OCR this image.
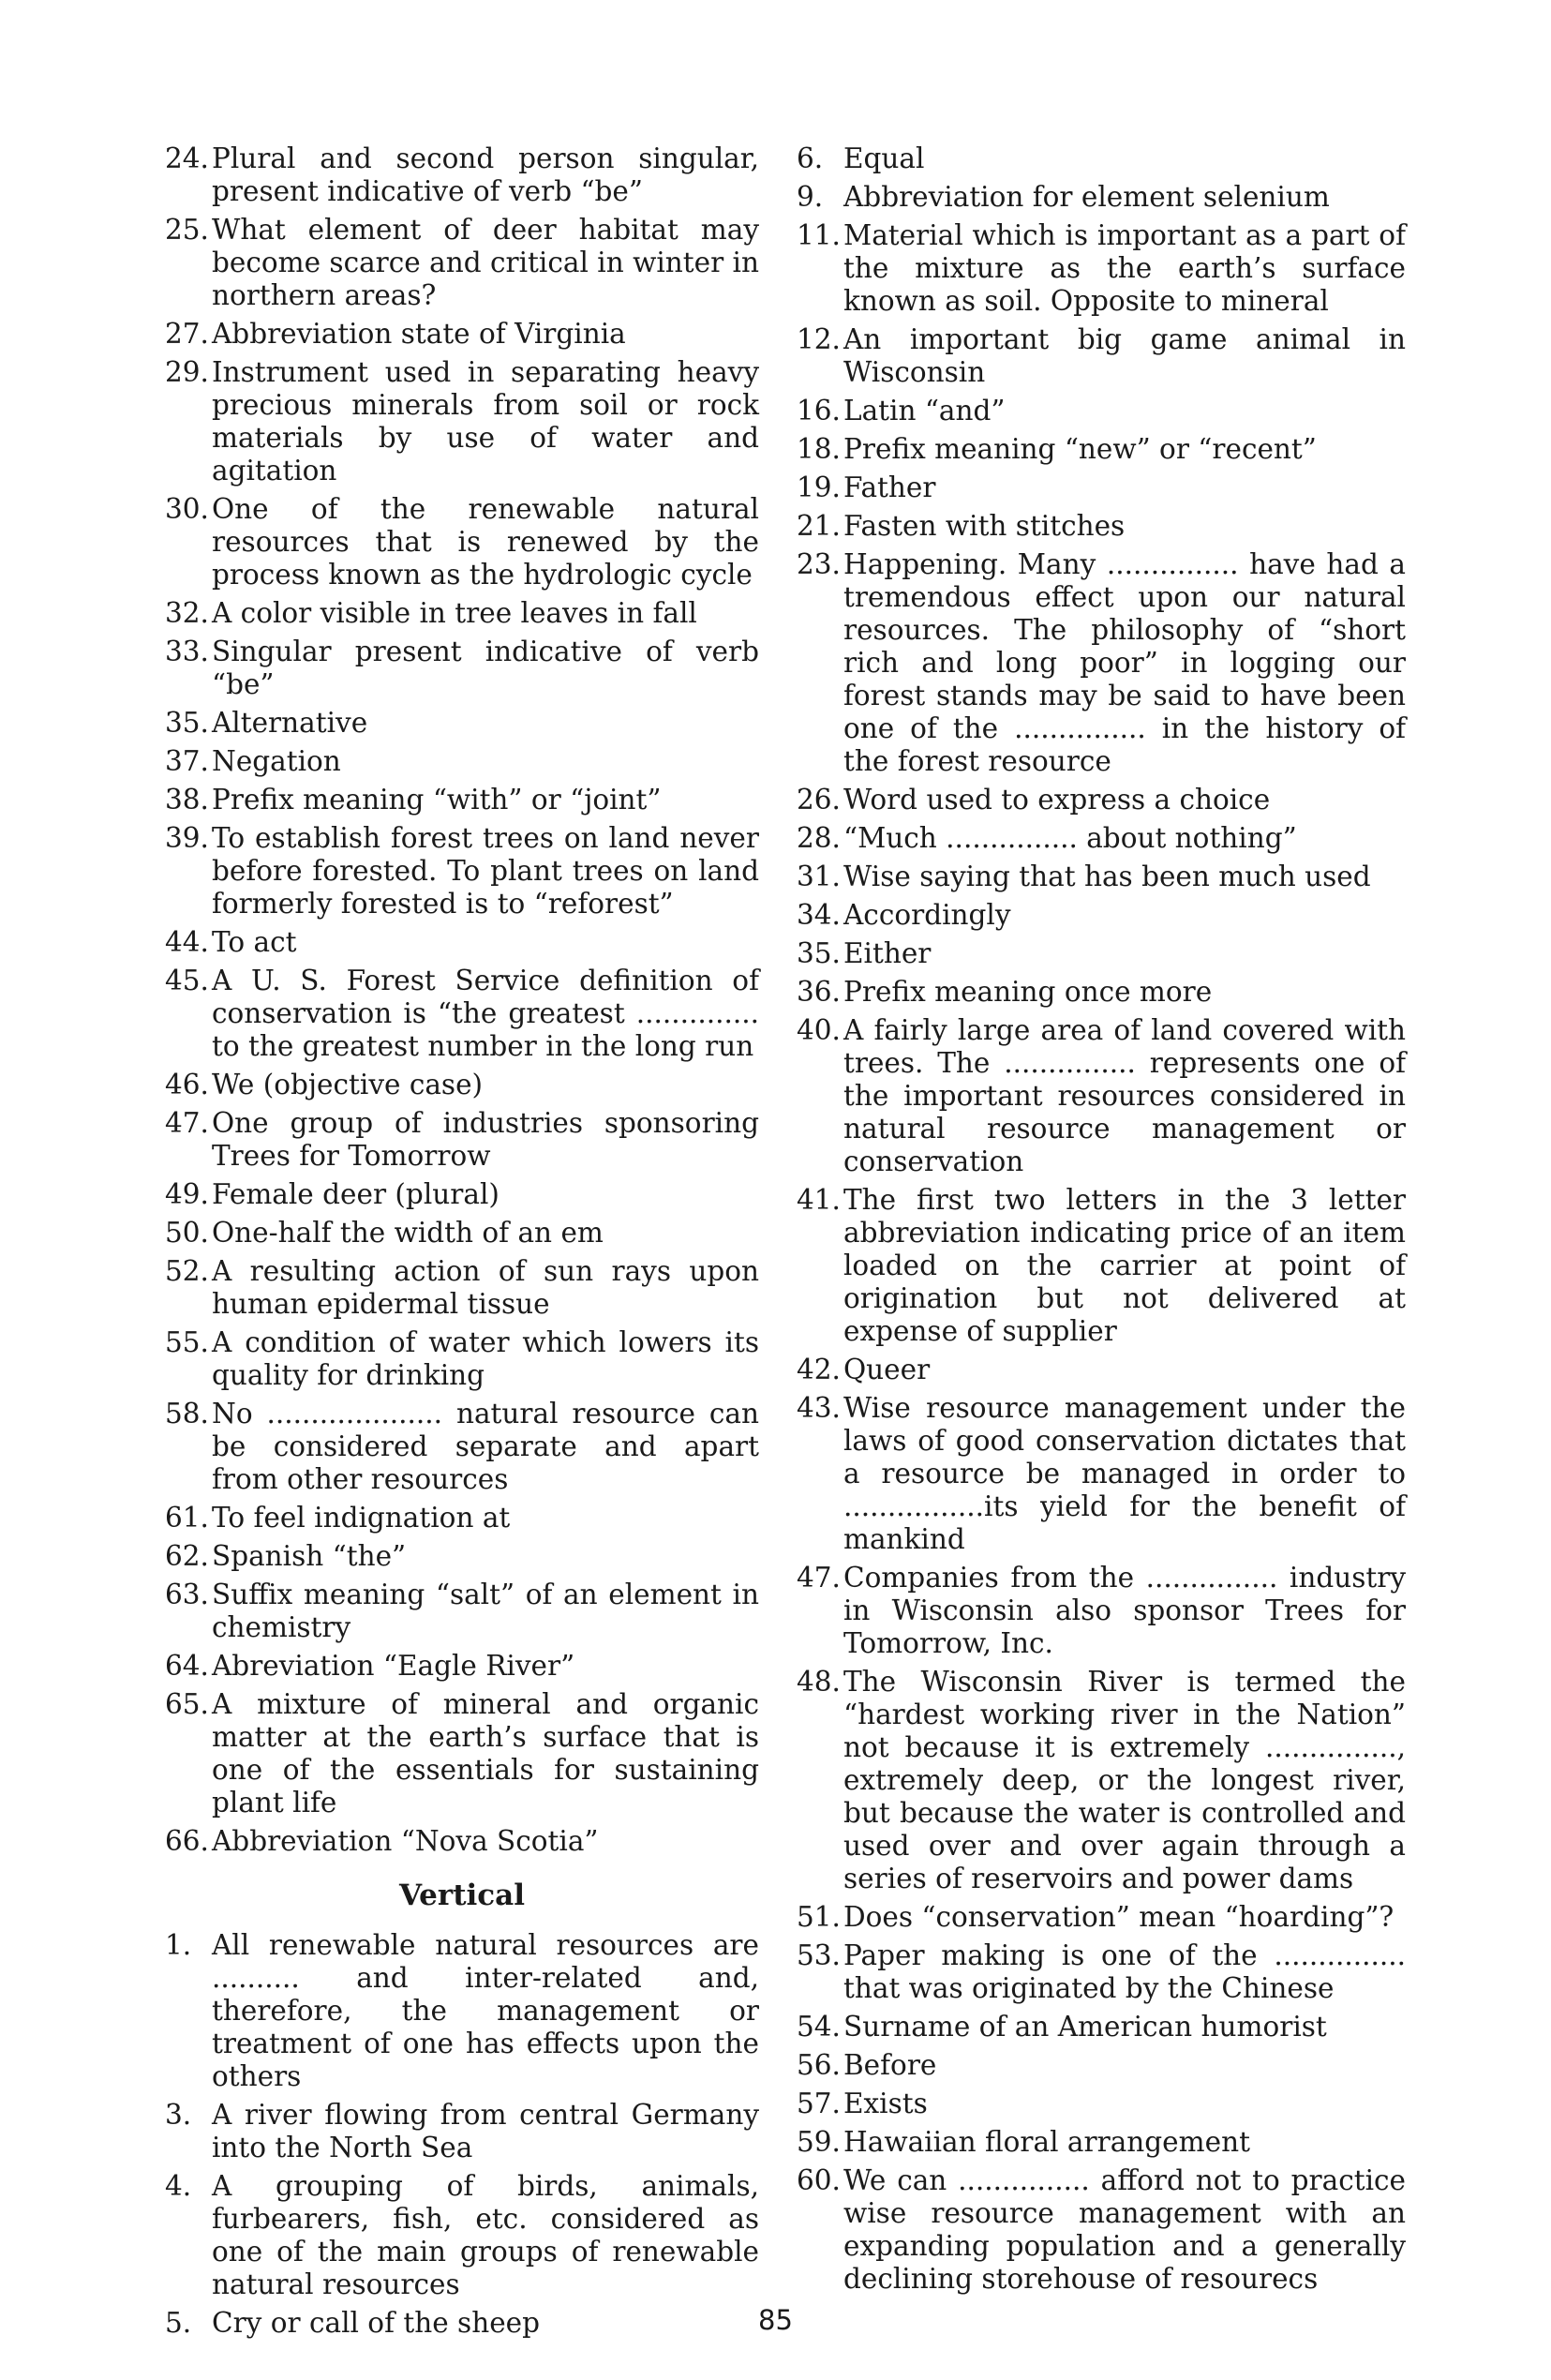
24. Plural and second person singular, present indicative of verb “be”
25. What element of deer habitat may become scarce and critical in winter in northern areas?
27. Abbreviation state of Virginia
29. Instrument used in separating heavy precious minerals from soil or rock materials by use of water and agitation
30. One of the renewable natural resources that is renewed by the process known as the hydrologic cycle
32. A color visible in tree leaves in fall
33. Singular present indicative of verb “be”
35. Alternative
37. Negation
38. Prefix meaning “with” or “joint”
39. To establish forest trees on land never before forested. To plant trees on land formerly forested is to “reforest”
44. To act
45. A U. S. Forest Service definition of conservation is “the greatest .............. to the greatest number in the long run
46. We (objective case)
47. One group of industries sponsoring Trees for Tomorrow
49. Female deer (plural)
50. One-half the width of an em
52. A resulting action of sun rays upon human epidermal tissue
55. A condition of water which lowers its quality for drinking
58. No .................... natural resource can be considered separate and apart from other resources
61. To feel indignation at
62. Spanish “the”
63. Suffix meaning “salt” of an element in chemistry
64. Abreviation “Eagle River”
65. A mixture of mineral and organic matter at the earth’s surface that is one of the essentials for sustaining plant life
66. Abbreviation “Nova Scotia”
Vertical
1. All renewable natural resources are .......... and inter-related and, therefore, the management or treatment of one has effects upon the others
3. A river flowing from central Germany into the North Sea
4. A grouping of birds, animals, furbearers, fish, etc. considered as one of the main groups of renewable natural resources
5. Cry or call of the sheep
6. Equal
9. Abbreviation for element selenium
11. Material which is important as a part of the mixture as the earth’s surface known as soil. Opposite to mineral
12. An important big game animal in Wisconsin
16. Latin “and”
18. Prefix meaning “new” or “recent”
19. Father
21. Fasten with stitches
23. Happening. Many ............... have had a tremendous effect upon our natural resources. The philosophy of “short rich and long poor” in logging our forest stands may be said to have been one of the ............... in the history of the forest resource
26. Word used to express a choice
28. “Much ............... about nothing”
31. Wise saying that has been much used
34. Accordingly
35. Either
36. Prefix meaning once more
40. A fairly large area of land covered with trees. The ............... represents one of the important resources considered in natural resource management or conservation
41. The first two letters in the 3 letter abbreviation indicating price of an item loaded on the carrier at point of origination but not delivered at expense of supplier
42. Queer
43. Wise resource management under the laws of good conservation dictates that a resource be managed in order to ................its yield for the benefit of mankind
47. Companies from the ............... industry in Wisconsin also sponsor Trees for Tomorrow, Inc.
48. The Wisconsin River is termed the “hardest working river in the Nation” not because it is extremely ..............., extremely deep, or the longest river, but because the water is controlled and used over and over again through a series of reservoirs and power dams
51. Does “conservation” mean “hoarding”?
53. Paper making is one of the ............... that was originated by the Chinese
54. Surname of an American humorist
56. Before
57. Exists
59. Hawaiian floral arrangement
60. We can ............... afford not to practice wise resource management with an expanding population and a generally declining storehouse of resourecs
85
